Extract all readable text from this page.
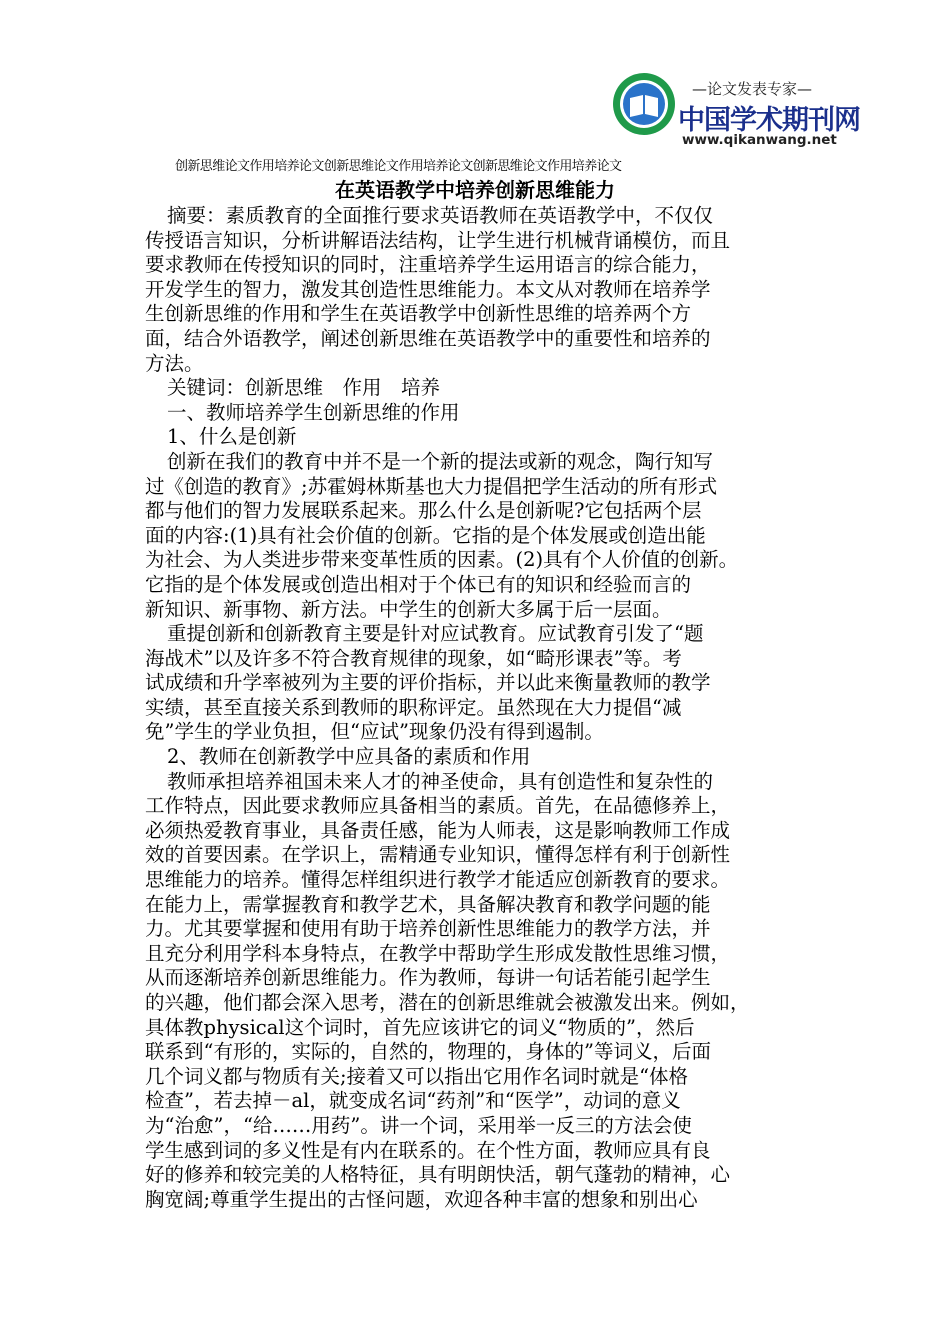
—论文发表专家—
中国学术期刊网
www.qikanwang.net
创新思维论文作用培养论文创新思维论文作用培养论文创新思维论文作用培养论文
在英语教学中培养创新思维能力
摘要：素质教育的全面推行要求英语教师在英语教学中，不仅仅
传授语言知识，分析讲解语法结构，让学生进行机械背诵模仿，而且
要求教师在传授知识的同时，注重培养学生运用语言的综合能力，
开发学生的智力，激发其创造性思维能力。本文从对教师在培养学
生创新思维的作用和学生在英语教学中创新性思维的培养两个方
面，结合外语教学，阐述创新思维在英语教学中的重要性和培养的
方法。
关键词：创新思维　作用　培养
一、教师培养学生创新思维的作用
1、什么是创新
创新在我们的教育中并不是一个新的提法或新的观念，陶行知写
过《创造的教育》;苏霍姆林斯基也大力提倡把学生活动的所有形式
都与他们的智力发展联系起来。那么什么是创新呢?它包括两个层
面的内容:(1)具有社会价值的创新。它指的是个体发展或创造出能
为社会、为人类进步带来变革性质的因素。(2)具有个人价值的创新。
它指的是个体发展或创造出相对于个体已有的知识和经验而言的
新知识、新事物、新方法。中学生的创新大多属于后一层面。
重提创新和创新教育主要是针对应试教育。应试教育引发了“题
海战术”以及许多不符合教育规律的现象，如“畸形课表”等。考
试成绩和升学率被列为主要的评价指标，并以此来衡量教师的教学
实绩，甚至直接关系到教师的职称评定。虽然现在大力提倡“减
免”学生的学业负担，但“应试”现象仍没有得到遏制。
2、教师在创新教学中应具备的素质和作用
教师承担培养祖国未来人才的神圣使命，具有创造性和复杂性的
工作特点，因此要求教师应具备相当的素质。首先，在品德修养上，
必须热爱教育事业，具备责任感，能为人师表，这是影响教师工作成
效的首要因素。在学识上，需精通专业知识，懂得怎样有利于创新性
思维能力的培养。懂得怎样组织进行教学才能适应创新教育的要求。
在能力上，需掌握教育和教学艺术，具备解决教育和教学问题的能
力。尤其要掌握和使用有助于培养创新性思维能力的教学方法，并
且充分利用学科本身特点，在教学中帮助学生形成发散性思维习惯，
从而逐渐培养创新思维能力。作为教师，每讲一句话若能引起学生
的兴趣，他们都会深入思考，潜在的创新思维就会被激发出来。例如，
具体教physical这个词时，首先应该讲它的词义“物质的”，然后
联系到“有形的，实际的，自然的，物理的，身体的”等词义，后面
几个词义都与物质有关;接着又可以指出它用作名词时就是“体格
检查”，若去掉－al，就变成名词“药剂”和“医学”，动词的意义
为“治愈”，“给……用药”。讲一个词，采用举一反三的方法会使
学生感到词的多义性是有内在联系的。在个性方面，教师应具有良
好的修养和较完美的人格特征，具有明朗快活，朝气蓬勃的精神，心
胸宽阔;尊重学生提出的古怪问题，欢迎各种丰富的想象和别出心
